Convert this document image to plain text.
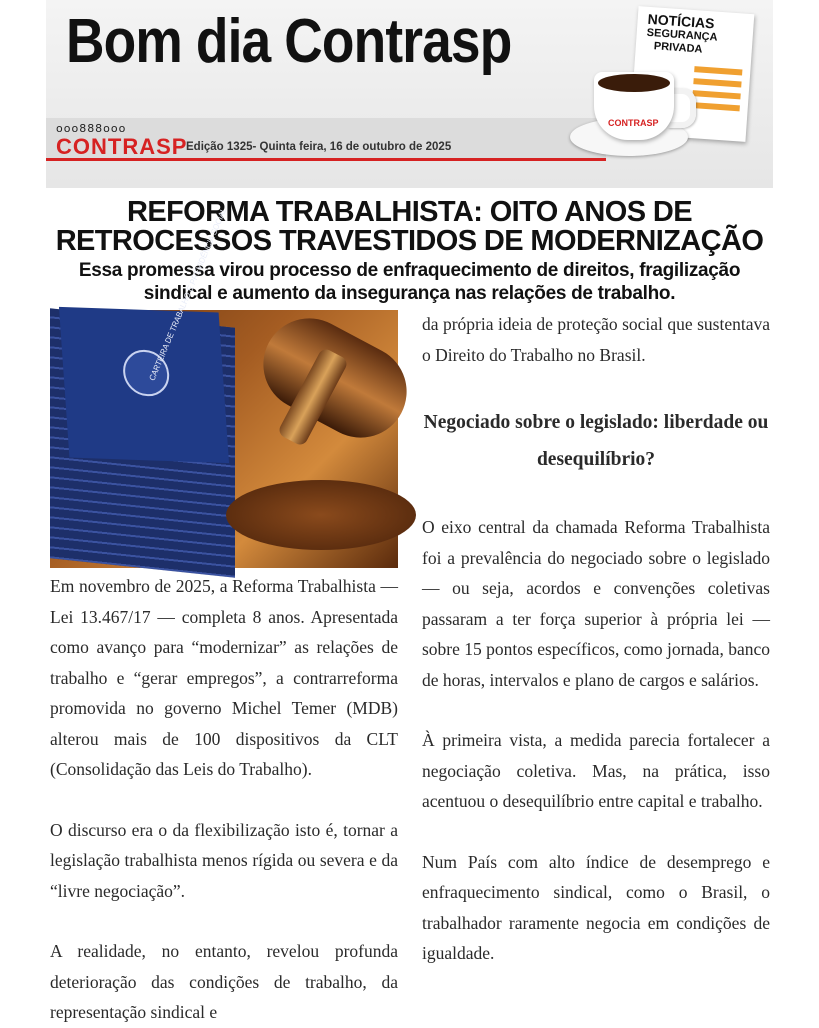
Bom dia Contrasp
ooo888ooo
CONTRASP
Edição 1325- Quinta feira, 16 de outubro de 2025
NOTÍCIAS
SEGURANÇA
PRIVADA
CONTRASP
REFORMA TRABALHISTA: OITO ANOS DE
RETROCESSOS TRAVESTIDOS DE MODERNIZAÇÃO
Essa promessa virou processo de enfraquecimento de direitos, fragilização
sindical e aumento da insegurança nas relações de trabalho.
CARTEIRA DE TRABALHO E PREVIDÊNCIA SOCIAL

Em novembro de 2025, a Reforma Trabalhista — Lei 13.467/17 — completa 8 anos. Apresentada como avanço para “modernizar” as relações de trabalho e “gerar empregos”, a contrarreforma promovida no governo Michel Temer (MDB) alterou mais de 100 dispositivos da CLT (Consolidação das Leis do Trabalho).

O discurso era o da flexibilização isto é, tornar a legislação trabalhista menos rígida ou severa e da “livre negociação”.

A realidade, no entanto, revelou profunda deterioração das condições de trabalho, da representação sindical e

da própria ideia de proteção social que sustentava o Direito do Trabalho no Brasil.

Negociado sobre o legislado: liberdade ou
desequilíbrio?

O eixo central da chamada Reforma Trabalhista foi a prevalência do negociado sobre o legislado — ou seja, acordos e convenções coletivas passaram a ter força superior à própria lei — sobre 15 pontos específicos, como jornada, banco de horas, intervalos e plano de cargos e salários.

À primeira vista, a medida parecia fortalecer a negociação coletiva. Mas, na prática, isso acentuou o desequilíbrio entre capital e trabalho.

Num País com alto índice de desemprego e enfraquecimento sindical, como o Brasil, o trabalhador raramente negocia em condições de igualdade.
